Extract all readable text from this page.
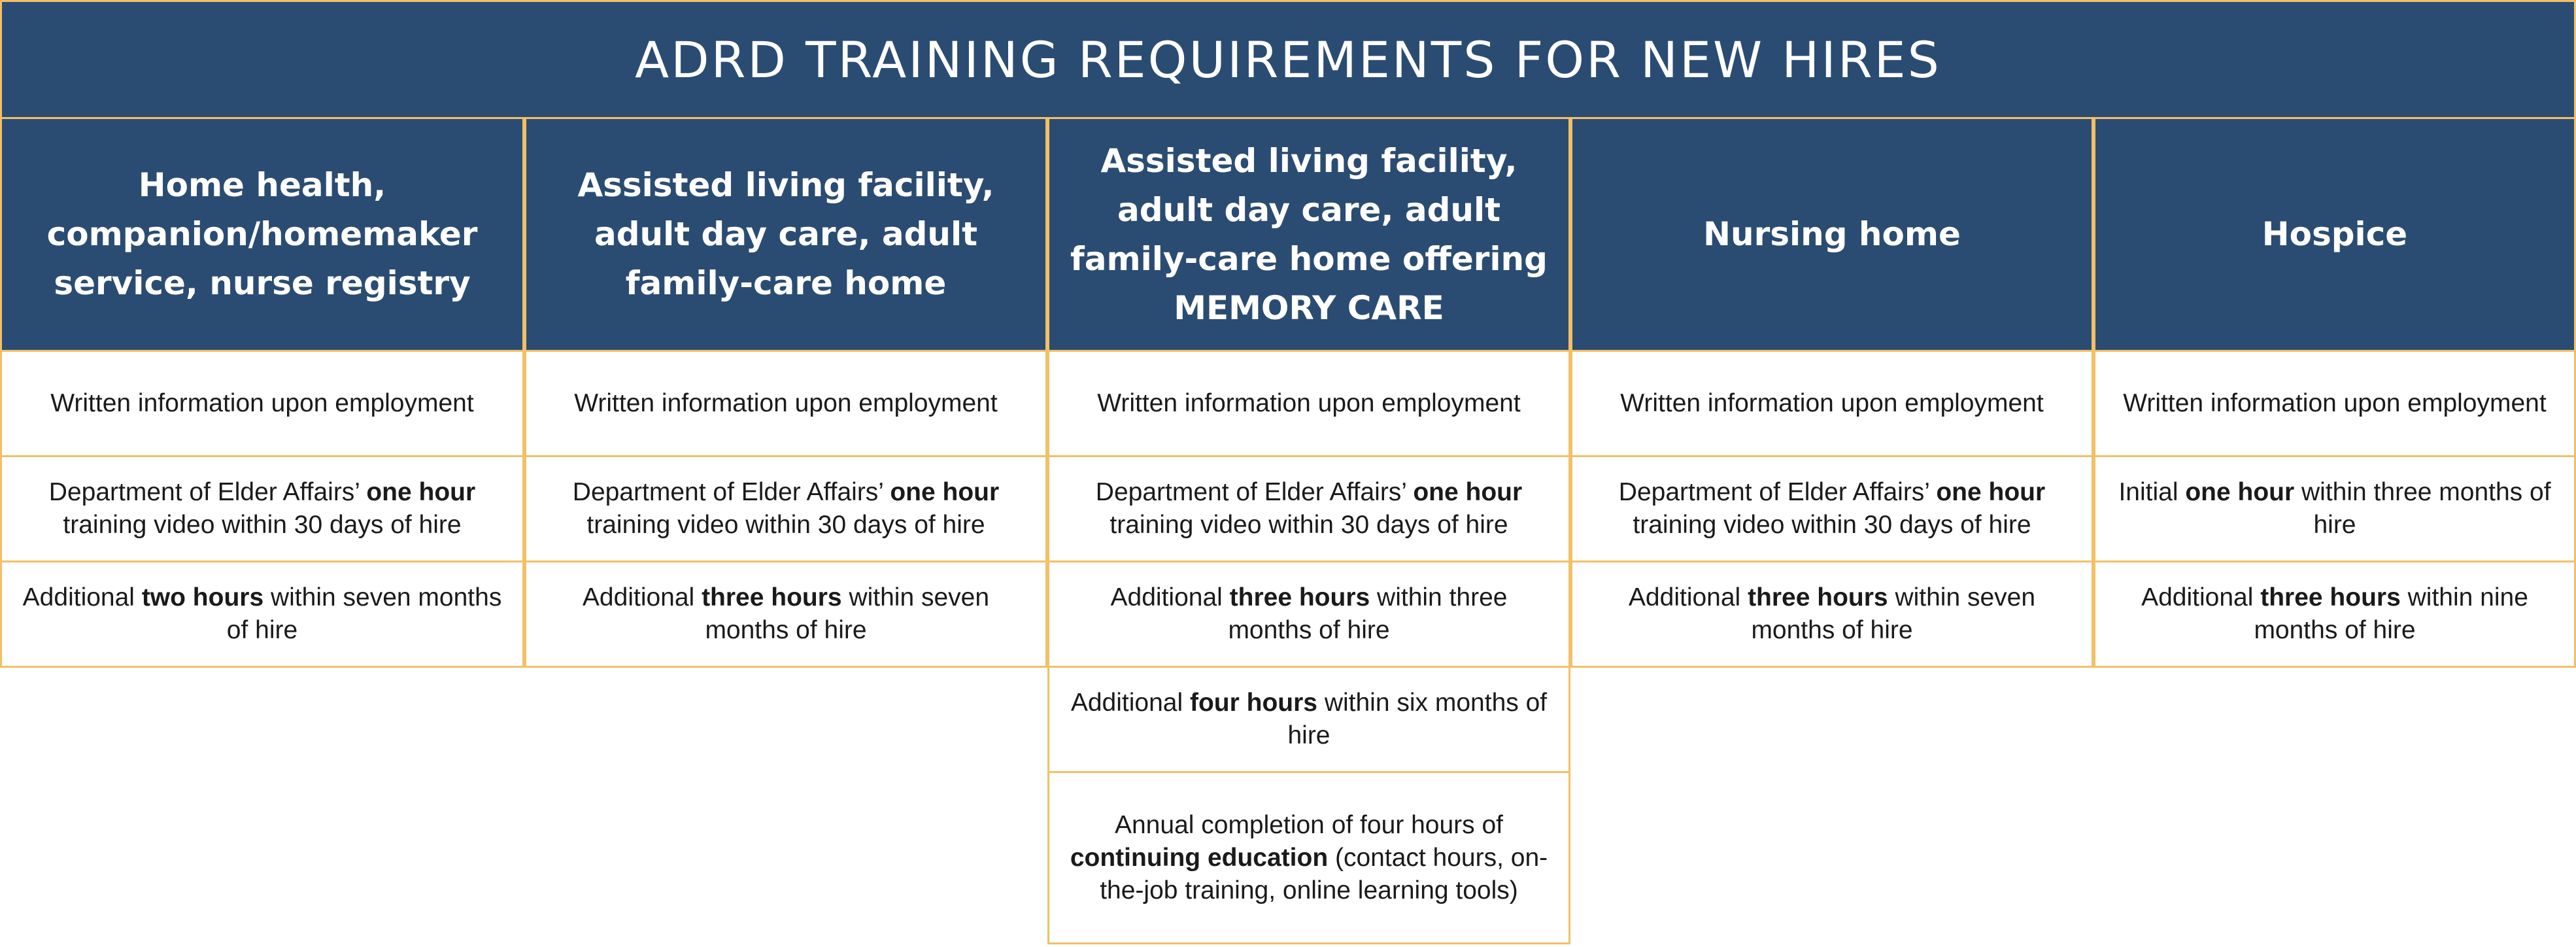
ADRD TRAINING REQUIREMENTS FOR NEW HIRES
Home health, companion/homemaker service, nurse registry
Written information upon employment
Department of Elder Affairs’ one hour training video within 30 days of hire
Additional two hours within seven months of hire
Assisted living facility, adult day care, adult family-care home
Written information upon employment
Department of Elder Affairs’ one hour training video within 30 days of hire
Additional three hours within seven months of hire
Assisted living facility, adult day care, adult family-care home offering MEMORY CARE
Written information upon employment
Department of Elder Affairs’ one hour training video within 30 days of hire
Additional three hours within three months of hire
Additional four hours within six months of hire
Annual completion of four hours of continuing education (contact hours, on-the-job training, online learning tools)
Nursing home
Written information upon employment
Department of Elder Affairs’ one hour training video within 30 days of hire
Additional three hours within seven months of hire
Hospice
Written information upon employment
Initial one hour within three months of hire
Additional three hours within nine months of hire
